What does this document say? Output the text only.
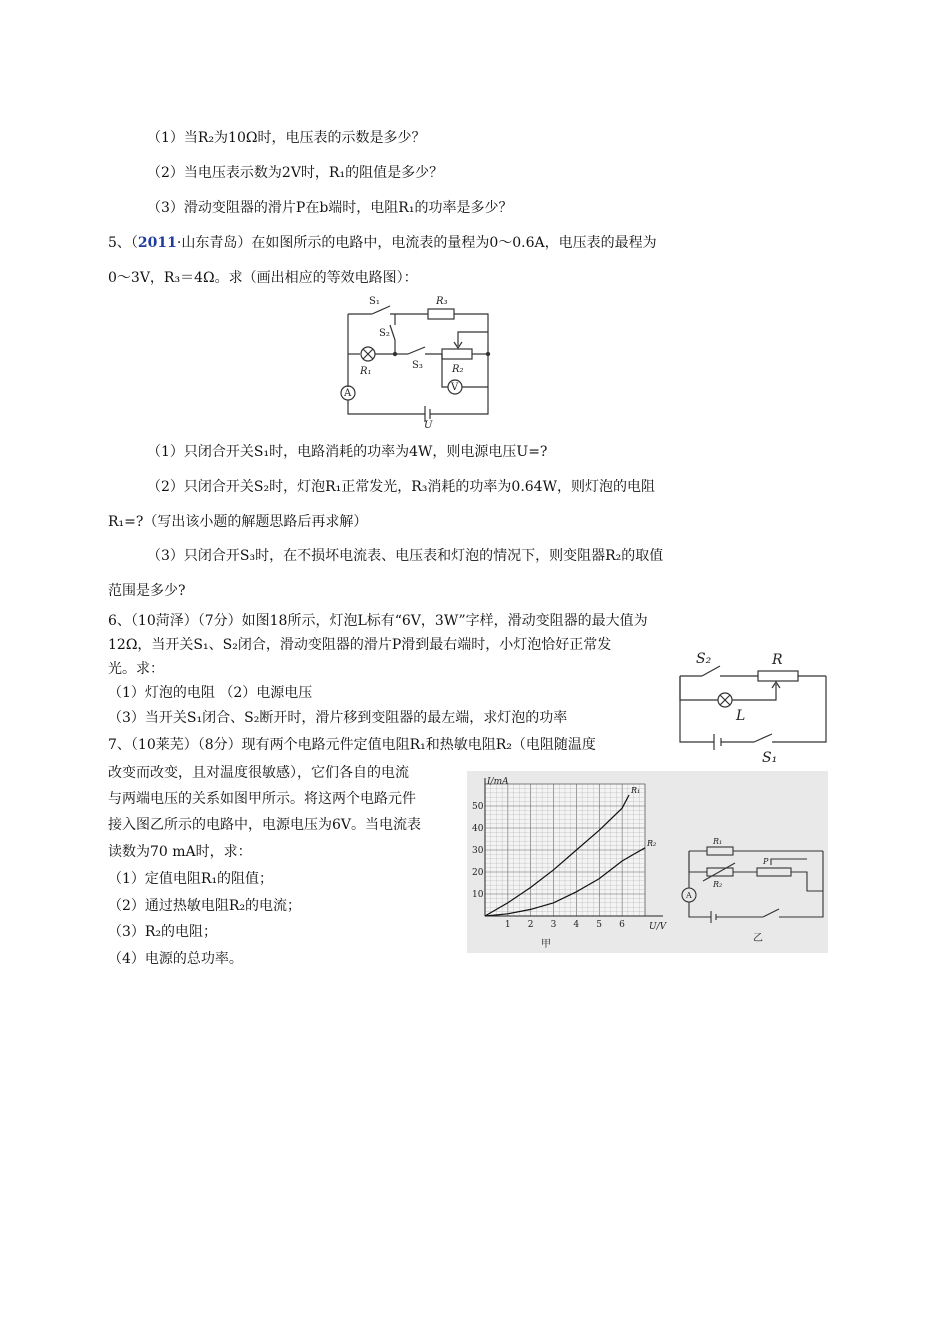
（1）当R₂为10Ω时，电压表的示数是多少？
（2）当电压表示数为2V时，R₁的阻值是多少？
（3）滑动变阻器的滑片P在b端时，电阻R₁的功率是多少？
5、（2011·山东青岛）在如图所示的电路中，电流表的量程为0～0.6A，电压表的最程为
0～3V，R₃＝4Ω。求（画出相应的等效电路图）：
S₁	R₃
S₂
R₁
S₃	R₂
A
V
U
（1）只闭合开关S₁时，电路消耗的功率为4W，则电源电压U=?
（2）只闭合开关S₂时，灯泡R₁正常发光，R₃消耗的功率为0.64W，则灯泡的电阻
R₁=?（写出该小题的解题思路后再求解）
（3）只闭合开S₃时，在不损坏电流表、电压表和灯泡的情况下，则变阻器R₂的取值
范围是多少?
6、（10菏泽）（7分）如图18所示，灯泡L标有“6V，3W”字样，滑动变阻器的最大值为
12Ω，当开关S₁、S₂闭合，滑动变阻器的滑片P滑到最右端时，小灯泡恰好正常发
光。求：
（1）灯泡的电阻 （2）电源电压
（3）当开关S₁闭合、S₂断开时，滑片移到变阻器的最左端，求灯泡的功率
S₂	R
L
S₁
7、（10莱芜）（8分）现有两个电路元件定值电阻R₁和热敏电阻R₂（电阻随温度
改变而改变，且对温度很敏感），它们各自的电流
与两端电压的关系如图甲所示。将这两个电路元件
接入图乙所示的电路中，电源电压为6V。当电流表
读数为70 mA时，求：
（1）定值电阻R₁的阻值；
（2）通过热敏电阻R₂的电流；
（3）R₂的电阻；
（4）电源的总功率。
R₁
R₂
1 2 3 4 5 6
10
20
30
40
50
I/mA
U/V
甲
R₁
R₂
P
A
乙
